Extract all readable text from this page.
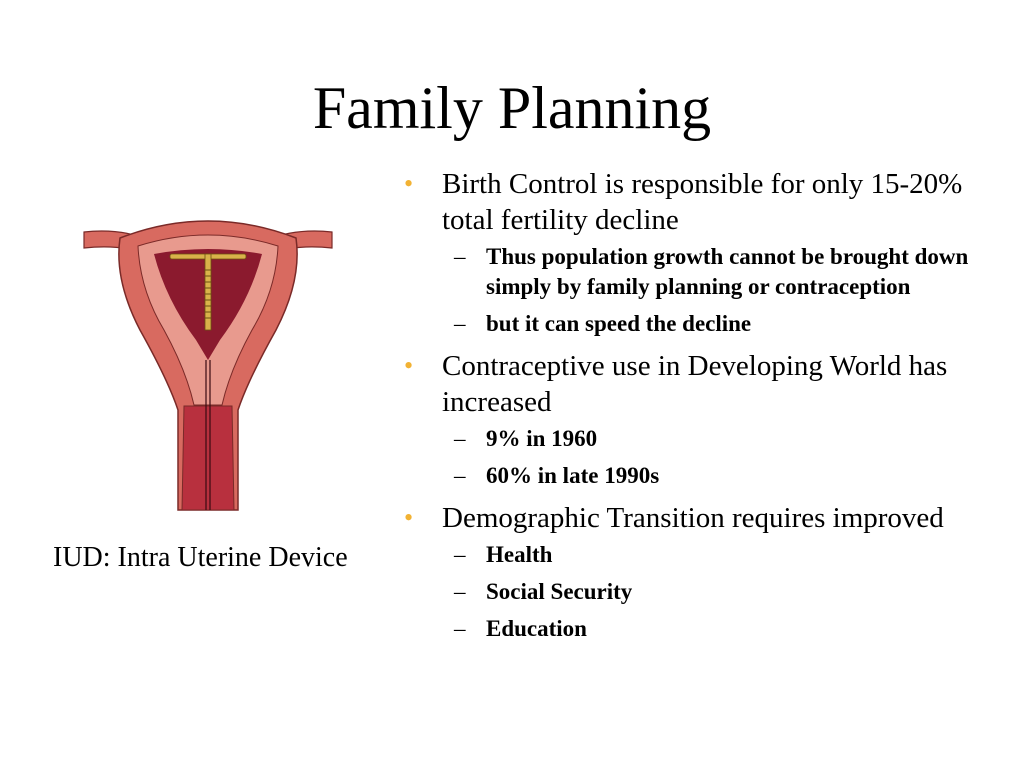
Family Planning
IUD: Intra Uterine Device
• Birth Control is responsible for only 15-20% total fertility decline
– Thus population growth cannot be brought down simply by family planning or contraception
– but it can speed the decline
• Contraceptive use in Developing World has increased
– 9% in 1960
– 60% in late 1990s
• Demographic Transition requires improved
– Health
– Social Security
– Education
